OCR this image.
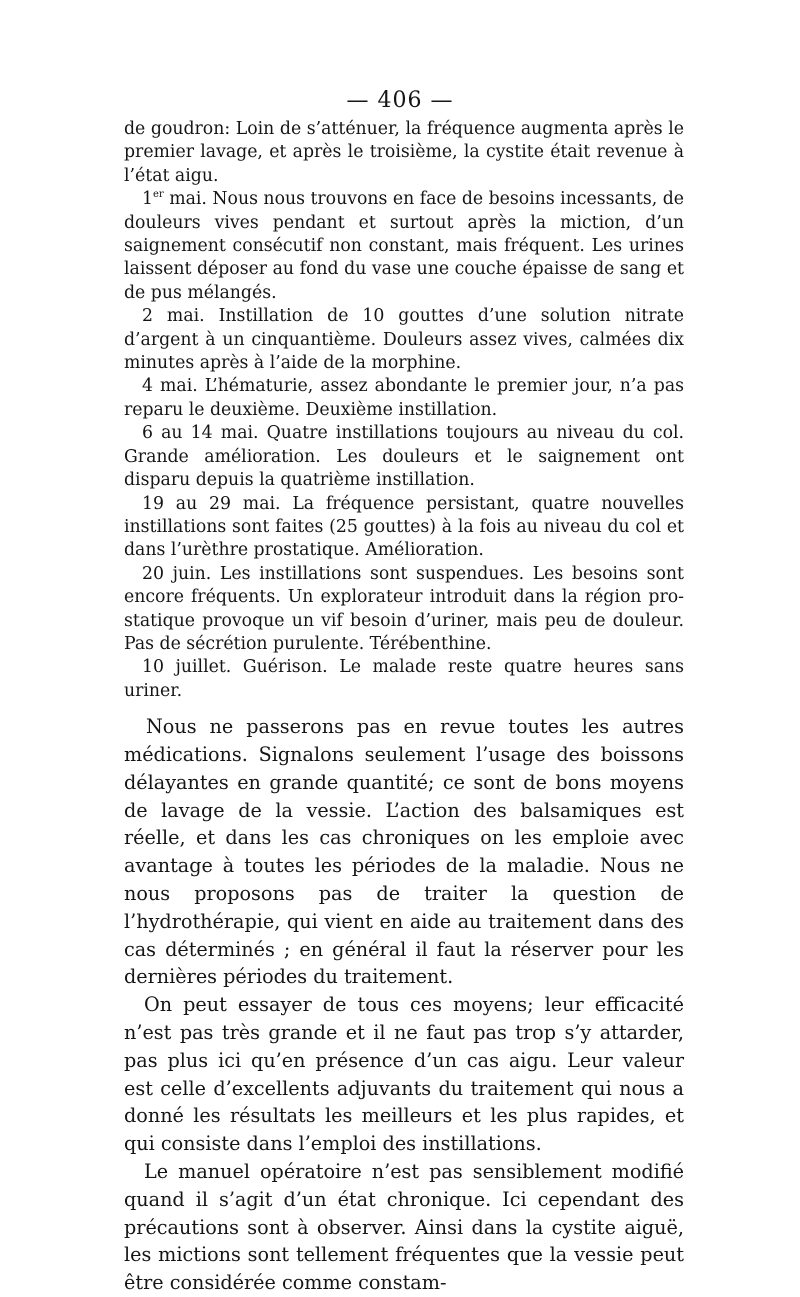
— 406 —

de goudron: Loin de s’atténuer, la fréquence augmenta après le premier lavage, et après le troisième, la cystite était revenue à l’état aigu.

1er mai. Nous nous trouvons en face de besoins incessants, de douleurs vives pendant et surtout après la miction, d’un saignement consécutif non constant, mais fréquent. Les urines laissent déposer au fond du vase une couche épaisse de sang et de pus mélangés.

2 mai. Instillation de 10 gouttes d’une solution nitrate d’argent à un cinquantième. Douleurs assez vives, calmées dix minutes après à l’aide de la morphine.

4 mai. L’hématurie, assez abondante le premier jour, n’a pas reparu le deuxième. Deuxième instillation.

6 au 14 mai. Quatre instillations toujours au niveau du col. Grande amélioration. Les douleurs et le saignement ont disparu depuis la quatrième instillation.

19 au 29 mai. La fréquence persistant, quatre nouvelles instillations sont faites (25 gouttes) à la fois au niveau du col et dans l’urèthre prostatique. Amélioration.

20 juin. Les instillations sont suspendues. Les besoins sont encore fréquents. Un explorateur introduit dans la région prostatique provoque un vif besoin d’uriner, mais peu de douleur. Pas de sécrétion purulente. Térébenthine.

10 juillet. Guérison. Le malade reste quatre heures sans uriner.

Nous ne passerons pas en revue toutes les autres médications. Signalons seulement l’usage des boissons délayantes en grande quantité; ce sont de bons moyens de lavage de la vessie. L’action des balsamiques est réelle, et dans les cas chroniques on les emploie avec avantage à toutes les périodes de la maladie. Nous ne nous proposons pas de traiter la question de l’hydrothérapie, qui vient en aide au traitement dans des cas déterminés ; en général il faut la réserver pour les dernières périodes du traitement.

On peut essayer de tous ces moyens; leur efficacité n’est pas très grande et il ne faut pas trop s’y attarder, pas plus ici qu’en présence d’un cas aigu. Leur valeur est celle d’excellents adjuvants du traitement qui nous a donné les résultats les meilleurs et les plus rapides, et qui consiste dans l’emploi des instillations.

Le manuel opératoire n’est pas sensiblement modifié quand il s’agit d’un état chronique. Ici cependant des précautions sont à observer. Ainsi dans la cystite aiguë, les mictions sont tellement fréquentes que la vessie peut être considérée comme constam-
